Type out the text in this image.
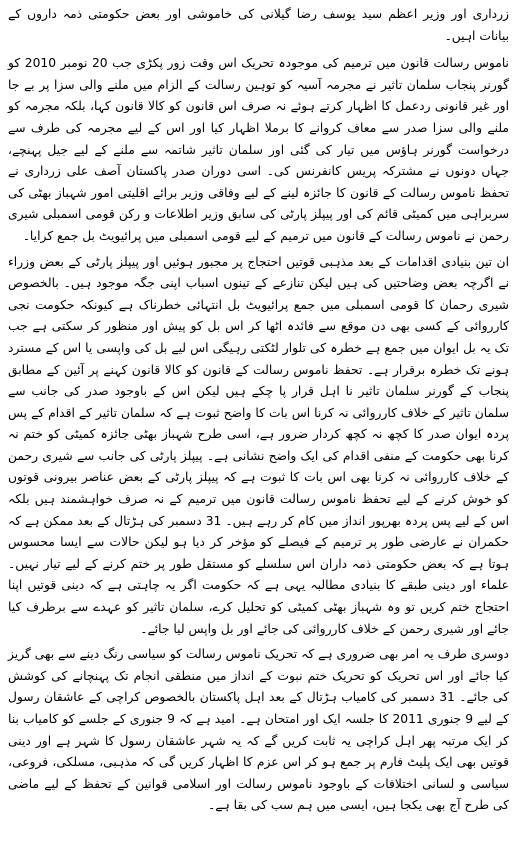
زرداری اور وزیر اعظم سید یوسف رضا گیلانی کی خاموشی اور بعض حکومتی ذمہ داروں کے بیانات اہیں۔

ناموس رسالت قانون میں ترمیم کی موجودہ تحریک اس وقت زور پکڑی جب 20 نومبر 2010 کو گورنر پنجاب سلمان تاثیر نے مجرمہ آسیہ کو توہین رسالت کے الزام میں ملنے والی سزا پر بے جا اور غیر قانونی ردعمل کا اظہار کرتے ہوئے نہ صرف اس قانون کو کالا قانون کہا، بلکہ مجرمہ کو ملنے والی سزا صدر سے معاف کروانے کا برملا اظہار کیا اور اس کے لیے مجرمہ کی طرف سے درخواست گورنر ہاؤس میں تیار کی گئی اور سلمان تاثیر شاتمہ سے ملنے کے لیے جیل پہنچے، جہاں دونوں نے مشترکہ پریس کانفرنس کی۔ اسی دوران صدر پاکستان آصف علی زرداری نے تحفظ ناموس رسالت کے قانون کا جائزہ لینے کے لیے وفاقی وزیر برائے اقلیتی امور شہباز بھٹی کی سربراہی میں کمیٹی قائم کی اور پیپلز پارٹی کی سابق وزیر اطلاعات و رکن قومی اسمبلی شیری رحمن نے ناموس رسالت کے قانون میں ترمیم کے لیے قومی اسمبلی میں پرائیویٹ بل جمع کرایا۔

ان تین بنیادی اقدامات کے بعد مذہبی قوتیں احتجاج پر مجبور ہوئیں اور پیپلز پارٹی کے بعض وزراء نے اگرچہ بعض وضاحتیں کی ہیں لیکن تنازعے کے تینوں اسباب اپنی جگہ موجود ہیں۔ بالخصوص شیری رحمان کا قومی اسمبلی میں جمع پرائیویٹ بل انتہائی خطرناک ہے کیونکہ حکومت نجی کارروائی کے کسی بھی دن موقع سے فائدہ اٹھا کر اس بل کو پیش اور منظور کر سکتی ہے جب تک یہ بل ایوان میں جمع ہے خطرہ کی تلوار لٹکتی رہیگی اس لیے بل کی واپسی یا اس کے مسترد ہونے تک خطرہ برقرار ہے۔ تحفظ ناموس رسالت کے قانون کو کالا قانون کہنے پر آئین کے مطابق پنجاب کے گورنر سلمان تاثیر نا اہل قرار پا چکے ہیں لیکن اس کے باوجود صدر کی جانب سے سلمان تاثیر کے خلاف کارروائی نہ کرنا اس بات کا واضح ثبوت ہے کہ سلمان تاثیر کے اقدام کے پس پردہ ایوان صدر کا کچھ نہ کچھ کردار ضرور ہے، اسی طرح شہباز بھٹی جائزہ کمیٹی کو ختم نہ کرنا بھی حکومت کے منفی اقدام کی ایک واضح نشانی ہے۔ پیپلز پارٹی کی جانب سے شیری رحمن کے خلاف کارروائی نہ کرنا بھی اس بات کا ثبوت ہے کہ پیپلز پارٹی کے بعض عناصر بیرونی قوتوں کو خوش کرنے کے لیے تحفظ ناموس رسالت قانون میں ترمیم کے نہ صرف خواہشمند ہیں بلکہ اس کے لیے پس پردہ بھرپور انداز میں کام کر رہے ہیں۔ 31 دسمبر کی ہڑتال کے بعد ممکن ہے کہ حکمران نے عارضی طور پر ترمیم کے فیصلے کو مؤخر کر دیا ہو لیکن حالات سے ایسا محسوس ہوتا ہے کہ بعض حکومتی ذمہ داران اس سلسلے کو مستقل طور پر ختم کرنے کے لیے تیار نہیں۔ علماء اور دینی طبقے کا بنیادی مطالبہ یہی ہے کہ حکومت اگر یہ چاہتی ہے کہ دینی قوتیں اپنا احتجاج ختم کریں تو وہ شہباز بھٹی کمیٹی کو تحلیل کرے، سلمان تاثیر کو عہدے سے برطرف کیا جائے اور شیری رحمن کے خلاف کارروائی کی جائے اور بل واپس لیا جائے۔

دوسری طرف یہ امر بھی ضروری ہے کہ تحریک ناموس رسالت کو سیاسی رنگ دینے سے بھی گریز کیا جائے اور اس تحریک کو تحریک ختم نبوت کے انداز میں منطقی انجام تک پہنچانے کی کوشش کی جائے۔ 31 دسمبر کی کامیاب ہڑتال کے بعد اہل پاکستان بالخصوص کراچی کے عاشقان رسول کے لیے 9 جنوری 2011 کا جلسہ ایک اور امتحان ہے۔ امید ہے کہ 9 جنوری کے جلسے کو کامیاب بنا کر ایک مرتبہ پھر اہل کراچی یہ ثابت کریں گے کہ یہ شہر عاشقان رسول کا شہر ہے اور دینی قوتیں بھی ایک پلیٹ فارم پر جمع ہو کر اس عزم کا اظہار کریں گی کہ مذہبی، مسلکی، فروعی، سیاسی و لسانی اختلافات کے باوجود ناموس رسالت اور اسلامی قوانین کے تحفظ کے لیے ماضی کی طرح آج بھی یکجا ہیں، ایسی میں ہم سب کی بقا ہے۔
